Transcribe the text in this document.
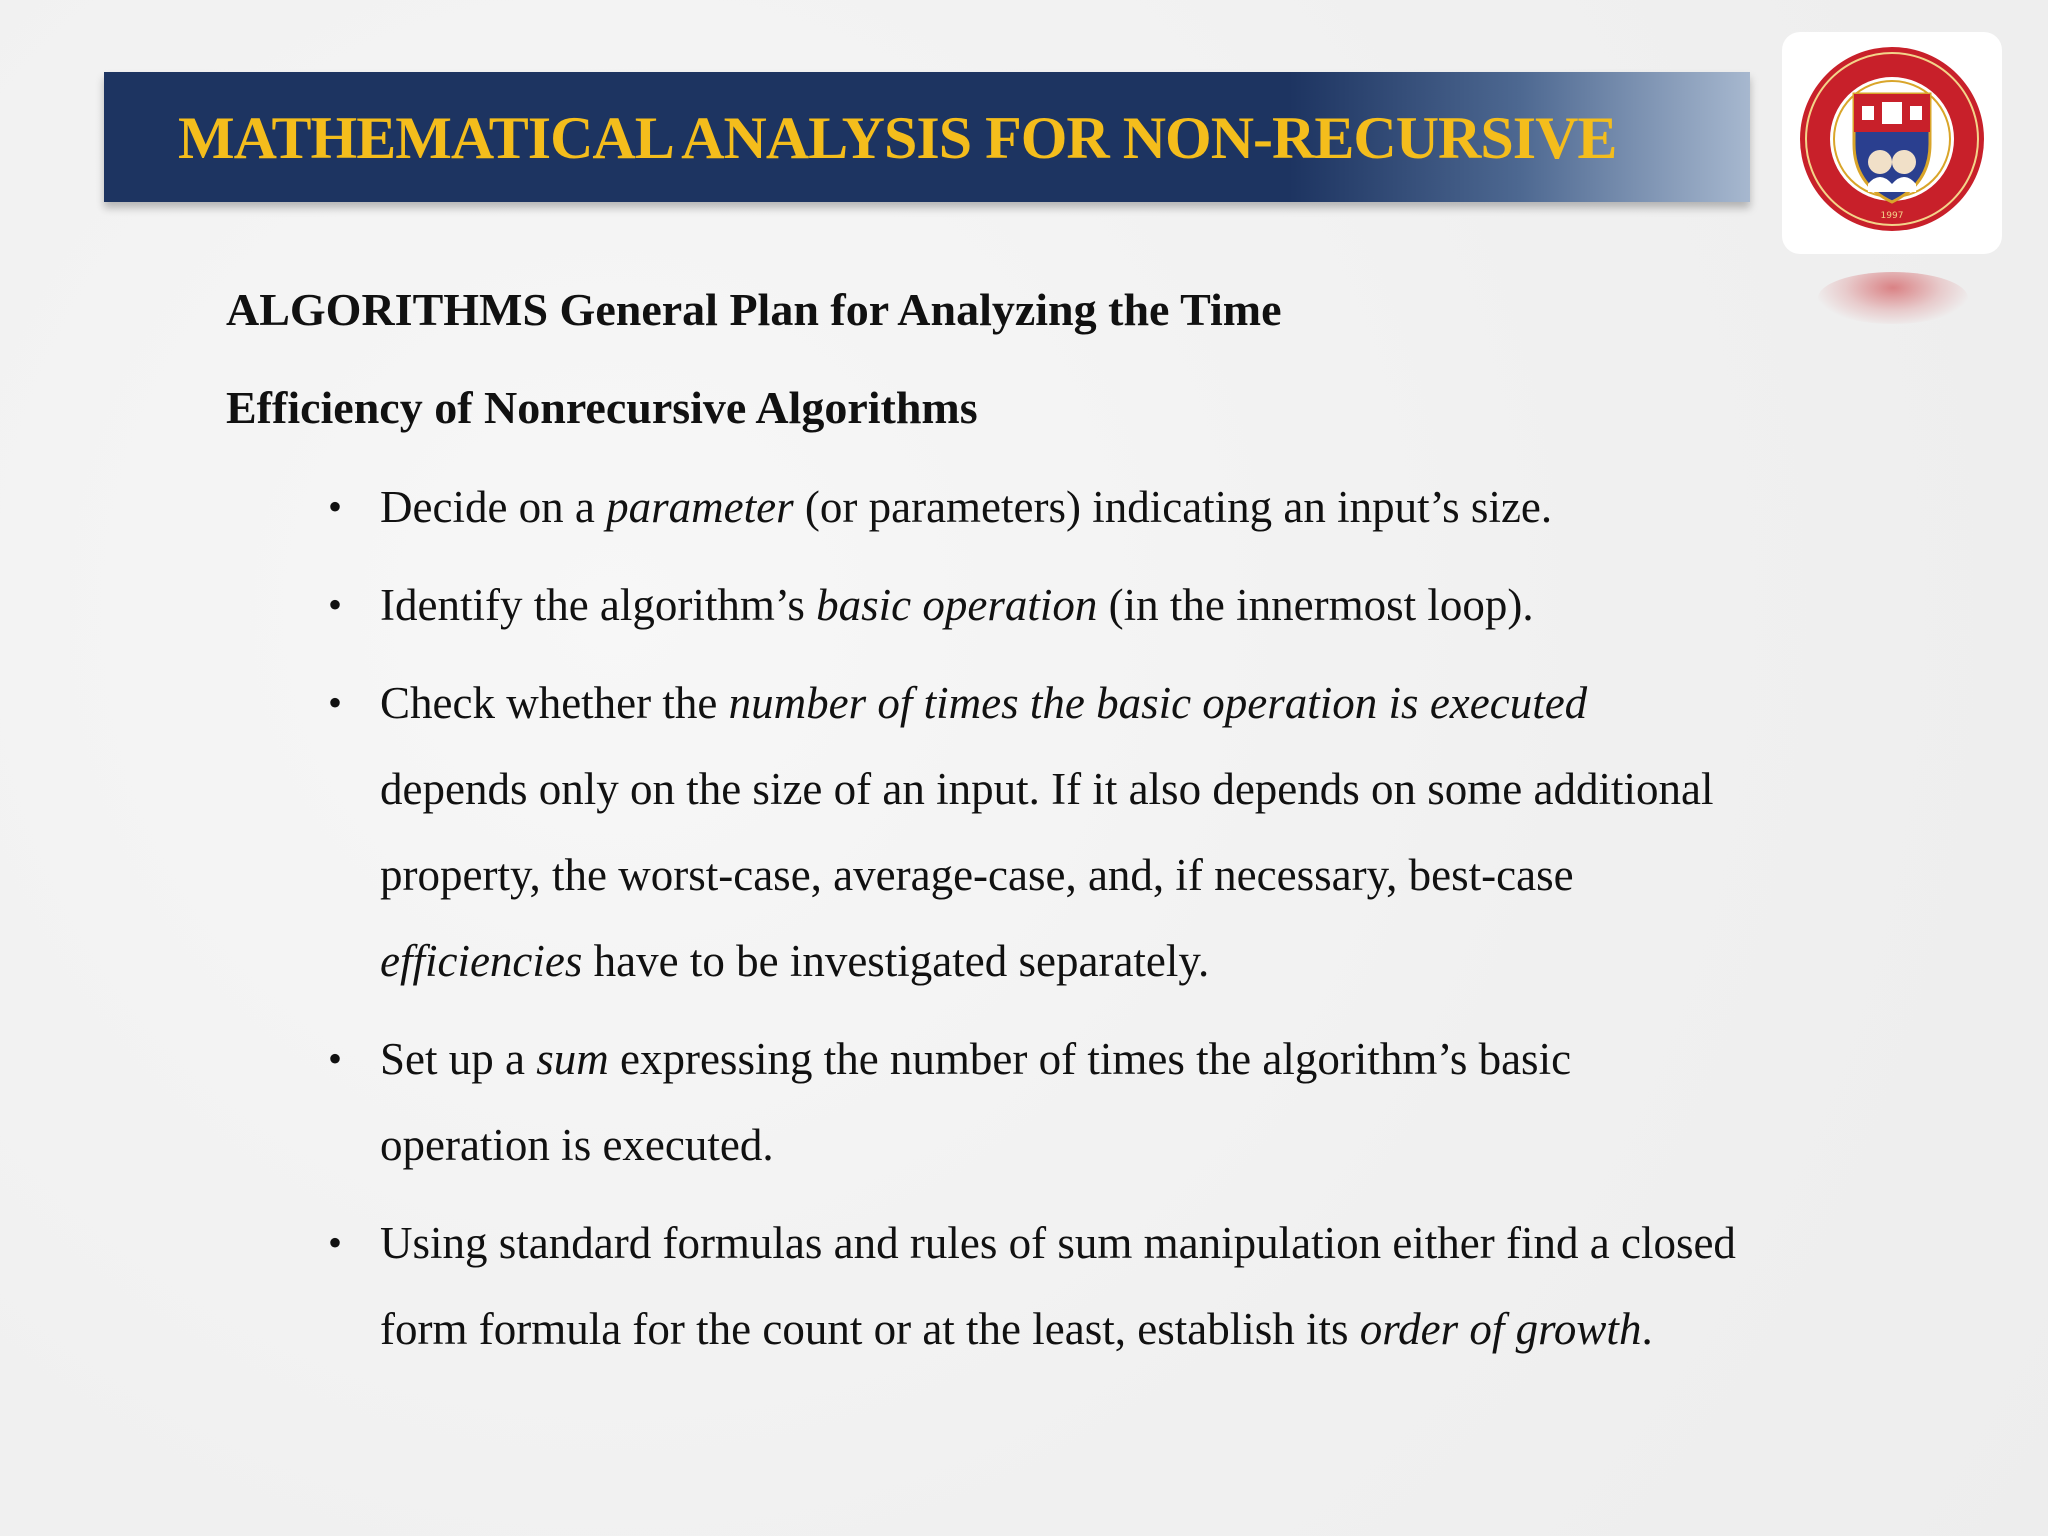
MATHEMATICAL ANALYSIS FOR NON-RECURSIVE
1997
ALGORITHMS General Plan for Analyzing the Time
Efficiency of Nonrecursive Algorithms
• Decide on a parameter (or parameters) indicating an input’s size.
• Identify the algorithm’s basic operation (in the innermost loop).
• Check whether the number of times the basic operation is executed
depends only on the size of an input. If it also depends on some additional
property, the worst-case, average-case, and, if necessary, best-case
efficiencies have to be investigated separately.
• Set up a sum expressing the number of times the algorithm’s basic
operation is executed.
• Using standard formulas and rules of sum manipulation either find a closed
form formula for the count or at the least, establish its order of growth.
